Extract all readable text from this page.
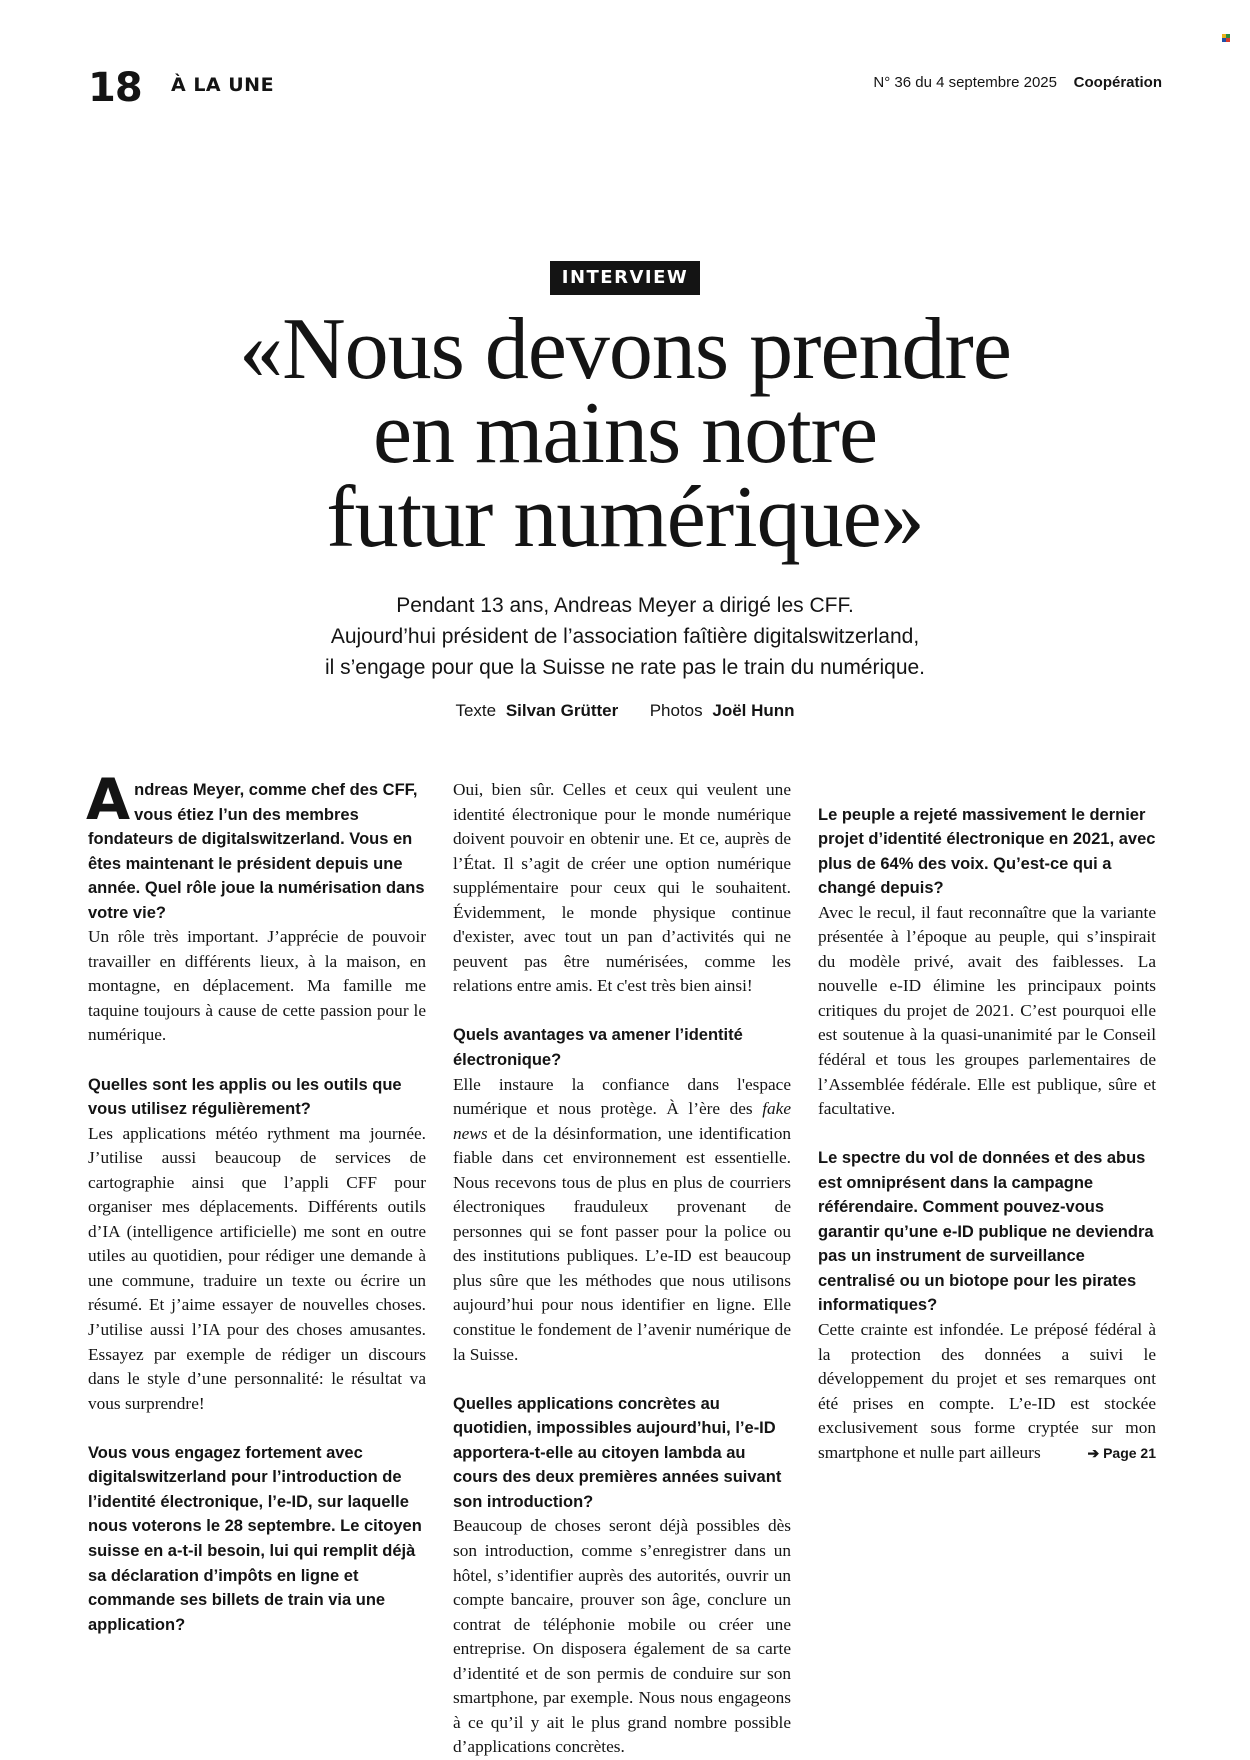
18 À LA UNE	N° 36 du 4 septembre 2025 Coopération
INTERVIEW
«Nous devons prendre
en mains notre
futur numérique»
Pendant 13 ans, Andreas Meyer a dirigé les CFF.
Aujourd’hui président de l’association faîtière digitalswitzerland,
il s’engage pour que la Suisse ne rate pas le train du numérique.
Texte Silvan Grütter Photos Joël Hunn

Andreas Meyer, comme chef des CFF, vous étiez l’un des membres fondateurs de digitalswitzerland. Vous en êtes maintenant le président depuis une année. Quel rôle joue la numérisation dans votre vie?

Un rôle très important. J’apprécie de pouvoir travailler en différents lieux, à la maison, en montagne, en déplacement. Ma famille me taquine toujours à cause de cette passion pour le numérique.

Quelles sont les applis ou les outils que vous utilisez régulièrement?

Les applications météo rythment ma journée. J’utilise aussi beaucoup de services de cartographie ainsi que l’appli CFF pour organiser mes déplacements. Différents outils d’IA (intelligence artificielle) me sont en outre utiles au quotidien, pour rédiger une demande à une commune, traduire un texte ou écrire un résumé. Et j’aime essayer de nouvelles choses. J’utilise aussi l’IA pour des choses amusantes. Essayez par exemple de rédiger un discours dans le style d’une personnalité: le résultat va vous surprendre!

Vous vous engagez fortement avec digitalswitzerland pour l’introduction de l’identité électronique, l’e-ID, sur laquelle nous voterons le 28 septembre. Le citoyen suisse en a-t-il besoin, lui qui remplit déjà sa déclaration d’impôts en ligne et commande ses billets de train via une application?

Oui, bien sûr. Celles et ceux qui veulent une identité électronique pour le monde numérique doivent pouvoir en obtenir une. Et ce, auprès de l’État. Il s’agit de créer une option numérique supplémentaire pour ceux qui le souhaitent. Évidemment, le monde physique continue d'exister, avec tout un pan d’activités qui ne peuvent pas être numérisées, comme les relations entre amis. Et c'est très bien ainsi!

Quels avantages va amener l’identité électronique?

Elle instaure la confiance dans l'espace numérique et nous protège. À l’ère des fake news et de la désinformation, une identification fiable dans cet environnement est essentielle. Nous recevons tous de plus en plus de courriers électroniques frauduleux provenant de personnes qui se font passer pour la police ou des institutions publiques. L’e-ID est beaucoup plus sûre que les méthodes que nous utilisons aujourd’hui pour nous identifier en ligne. Elle constitue le fondement de l’avenir numérique de la Suisse.

Quelles applications concrètes au quotidien, impossibles aujourd’hui, l’e-ID apportera-t-elle au citoyen lambda au cours des deux premières années suivant son introduction?

Beaucoup de choses seront déjà possibles dès son introduction, comme s’enregistrer dans un hôtel, s’identifier auprès des autorités, ouvrir un compte bancaire, prouver son âge, conclure un contrat de téléphonie mobile ou créer une entreprise. On disposera également de sa carte d’identité et de son permis de conduire sur son smartphone, par exemple. Nous nous engageons à ce qu’il y ait le plus grand nombre possible d’applications concrètes.

Le peuple a rejeté massivement le dernier projet d’identité électronique en 2021, avec plus de 64% des voix. Qu’est-ce qui a changé depuis?

Avec le recul, il faut reconnaître que la variante présentée à l’époque au peuple, qui s’inspirait du modèle privé, avait des faiblesses. La nouvelle e-ID élimine les principaux points critiques du projet de 2021. C’est pourquoi elle est soutenue à la quasi-unanimité par le Conseil fédéral et tous les groupes parlementaires de l’Assemblée fédérale. Elle est publique, sûre et facultative.

Le spectre du vol de données et des abus est omniprésent dans la campagne référendaire. Comment pouvez-vous garantir qu’une e-ID publique ne deviendra pas un instrument de surveillance centralisé ou un biotope pour les pirates informatiques?

Cette crainte est infondée. Le préposé fédéral à la protection des données a suivi le développement du projet et ses remarques ont été prises en compte. L’e-ID est stockée exclusivement sous forme cryptée sur mon smartphone et nulle part ailleurs	➔ Page 21
